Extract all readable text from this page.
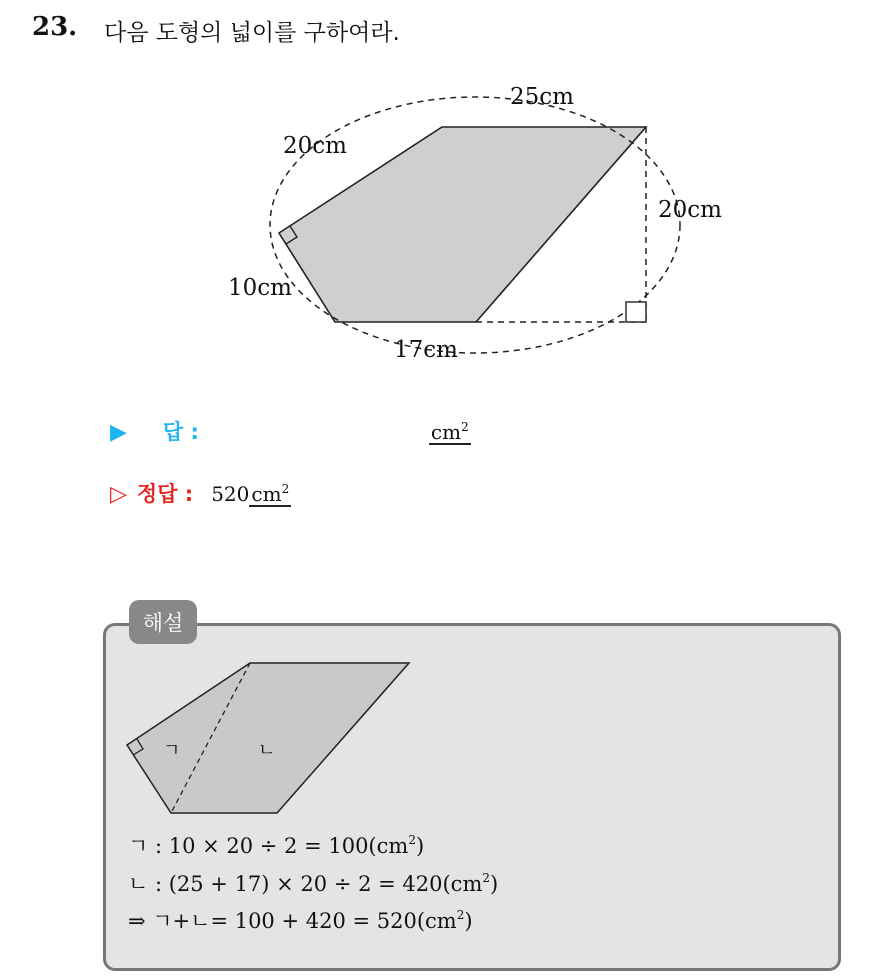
23. 다음 도형의 넓이를 구하여라.
25cm
20cm
20cm
10cm
17cm
▶ 답 :	$cm^2$
▷ 정답 : 520 $cm^2$
해설
ㄱ	ㄴ
ㄱ : $10 \times 20 \div 2 = 100(cm^2)$
ㄴ : $(25 + 17) \times 20 \div 2 = 420(cm^2)$
⇒ ㄱ+ㄴ= $100 + 420 = 520(cm^2)$
